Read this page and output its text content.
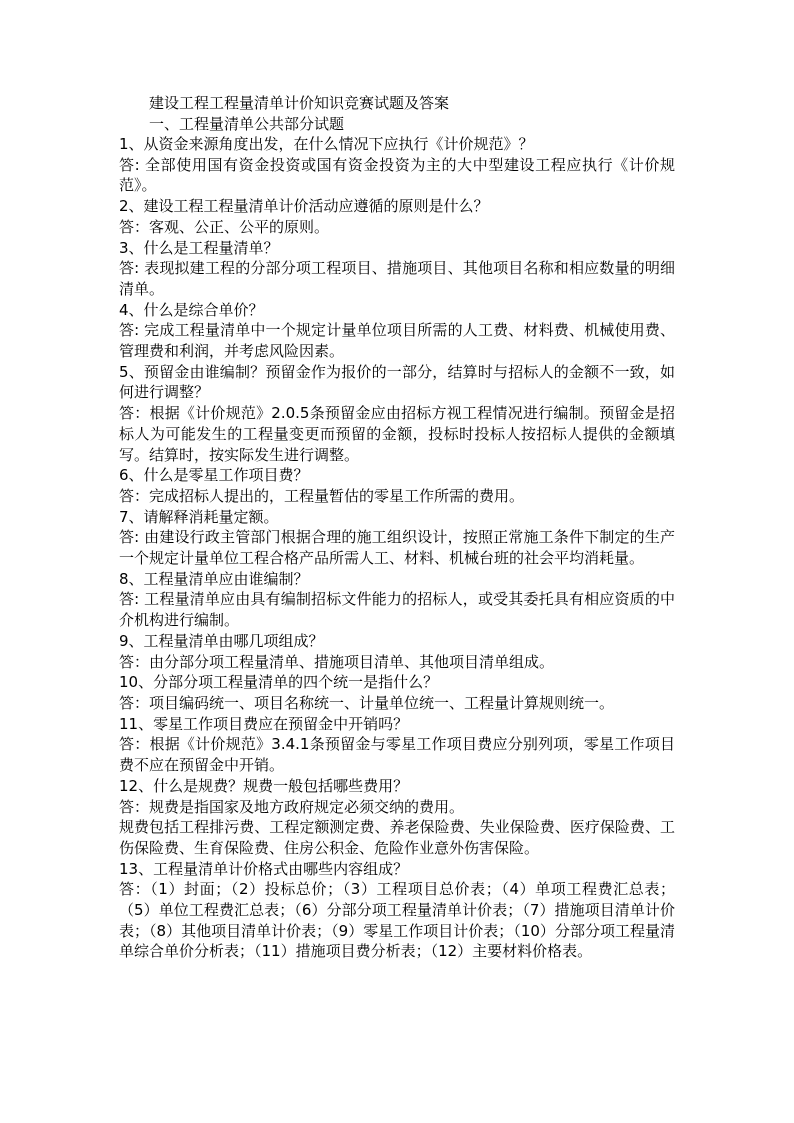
建设工程工程量清单计价知识竞赛试题及答案
一、工程量清单公共部分试题

1、从资金来源角度出发，在什么情况下应执行《计价规范》？

答: 全部使用国有资金投资或国有资金投资为主的大中型建设工程应执行《计价规范》。

2、建设工程工程量清单计价活动应遵循的原则是什么？

答：客观、公正、公平的原则。

3、什么是工程量清单？

答: 表现拟建工程的分部分项工程项目、措施项目、其他项目名称和相应数量的明细清单。

4、什么是综合单价？

答: 完成工程量清单中一个规定计量单位项目所需的人工费、材料费、机械使用费、管理费和利润，并考虑风险因素。

5、预留金由谁编制？预留金作为报价的一部分，结算时与招标人的金额不一致，如何进行调整？

答：根据《计价规范》2.0.5条预留金应由招标方视工程情况进行编制。预留金是招标人为可能发生的工程量变更而预留的金额，投标时投标人按招标人提供的金额填写。结算时，按实际发生进行调整。

6、什么是零星工作项目费？

答：完成招标人提出的，工程量暂估的零星工作所需的费用。

7、请解释消耗量定额。

答: 由建设行政主管部门根据合理的施工组织设计，按照正常施工条件下制定的生产一个规定计量单位工程合格产品所需人工、材料、机械台班的社会平均消耗量。

8、工程量清单应由谁编制？

答: 工程量清单应由具有编制招标文件能力的招标人，或受其委托具有相应资质的中介机构进行编制。

9、工程量清单由哪几项组成？

答：由分部分项工程量清单、措施项目清单、其他项目清单组成。

10、分部分项工程量清单的四个统一是指什么？

答：项目编码统一、项目名称统一、计量单位统一、工程量计算规则统一。

11、零星工作项目费应在预留金中开销吗？

答：根据《计价规范》3.4.1条预留金与零星工作项目费应分别列项，零星工作项目费不应在预留金中开销。

12、什么是规费？规费一般包括哪些费用？

答：规费是指国家及地方政府规定必须交纳的费用。

规费包括工程排污费、工程定额测定费、养老保险费、失业保险费、医疗保险费、工伤保险费、生育保险费、住房公积金、危险作业意外伤害保险。

13、工程量清单计价格式由哪些内容组成？

答：（1）封面；（2）投标总价；（3）工程项目总价表；（4）单项工程费汇总表；（5）单位工程费汇总表；（6）分部分项工程量清单计价表；（7）措施项目清单计价表；（8）其他项目清单计价表；（9）零星工作项目计价表；（10）分部分项工程量清单综合单价分析表；（11）措施项目费分析表；（12）主要材料价格表。
